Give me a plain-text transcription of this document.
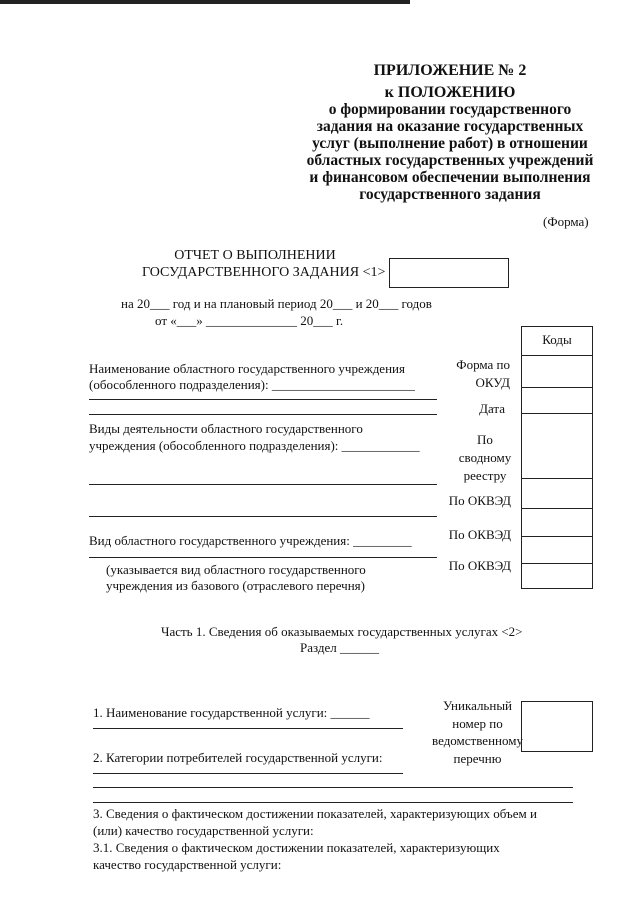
ПРИЛОЖЕНИЕ № 2
к ПОЛОЖЕНИЮ
о формировании государственного
задания на оказание государственных
услуг (выполнение работ) в отношении
областных государственных учреждений
и финансовом обеспечении выполнения
государственного задания
(Форма)
ОТЧЕТ О ВЫПОЛНЕНИИ
ГОСУДАРСТВЕННОГО ЗАДАНИЯ <1>
на 20___ год и на плановый период 20___ и 20___ годов
от «___» ______________ 20___ г.
Коды
Форма по ОКУД
Дата
По сводному реестру
По ОКВЭД
По ОКВЭД
По ОКВЭД
Наименование областного государственного учреждения
(обособленного подразделения): ______________________
Виды деятельности областного государственного
учреждения (обособленного подразделения): ____________
Вид областного государственного учреждения: _________
(указывается вид областного государственного
учреждения из базового (отраслевого перечня)
Часть 1. Сведения об оказываемых государственных услугах <2>
Раздел ______
1. Наименование государственной услуги: ______	Уникальный
номер по
ведомственному
перечню
2. Категории потребителей государственной услуги:
3. Сведения о фактическом достижении показателей, характеризующих объем и
(или) качество государственной услуги:
3.1. Сведения о фактическом достижении показателей, характеризующих
качество государственной услуги:
